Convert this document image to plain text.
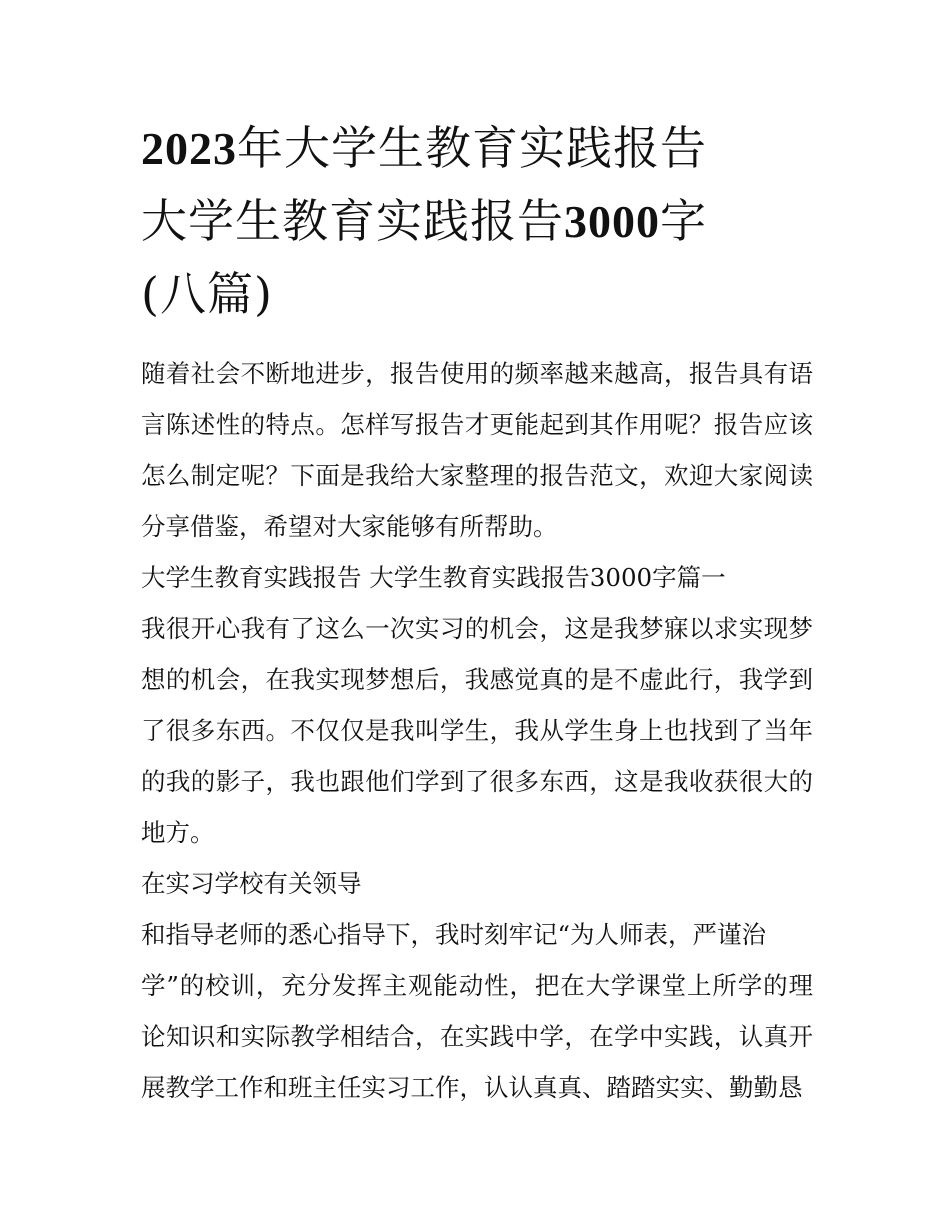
2023年大学生教育实践报告
大学生教育实践报告3000字
(八篇)

随着社会不断地进步，报告使用的频率越来越高，报告具有语言陈述性的特点。怎样写报告才更能起到其作用呢？报告应该怎么制定呢？下面是我给大家整理的报告范文，欢迎大家阅读分享借鉴，希望对大家能够有所帮助。

大学生教育实践报告 大学生教育实践报告3000字篇一

我很开心我有了这么一次实习的机会，这是我梦寐以求实现梦想的机会，在我实现梦想后，我感觉真的是不虚此行，我学到了很多东西。不仅仅是我叫学生，我从学生身上也找到了当年的我的影子，我也跟他们学到了很多东西，这是我收获很大的地方。

在实习学校有关领导

和指导老师的悉心指导下，我时刻牢记“为人师表，严谨治

学”的校训，充分发挥主观能动性，把在大学课堂上所学的理论知识和实际教学相结合，在实践中学，在学中实践，认真开展教学工作和班主任实习工作，认认真真、踏踏实实、勤勤恳
